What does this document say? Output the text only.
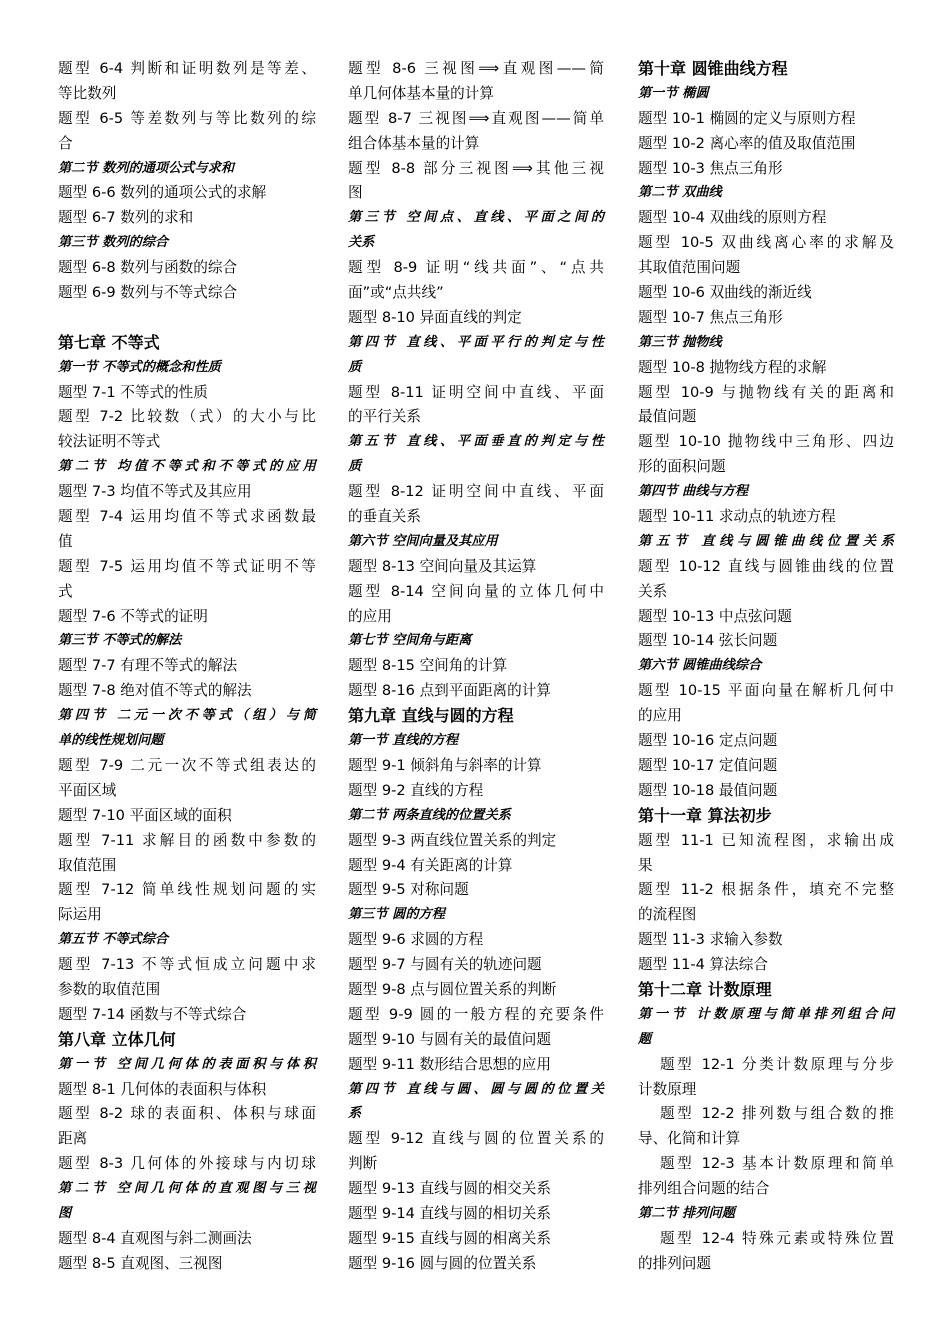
题型 6-4 判断和证明数列是等差、
等比数列
题型 6-5 等差数列与等比数列的综
合
第二节 数列的通项公式与求和
题型 6-6 数列的通项公式的求解
题型 6-7 数列的求和
第三节 数列的综合
题型 6-8 数列与函数的综合
题型 6-9 数列与不等式综合
第七章 不等式
第一节 不等式的概念和性质
题型 7-1 不等式的性质
题型 7-2 比较数（式）的大小与比
较法证明不等式
第二节 均值不等式和不等式的应用
题型 7-3 均值不等式及其应用
题型 7-4 运用均值不等式求函数最
值
题型 7-5 运用均值不等式证明不等
式
题型 7-6 不等式的证明
第三节 不等式的解法
题型 7-7 有理不等式的解法
题型 7-8 绝对值不等式的解法
第四节 二元一次不等式（组）与简
单的线性规划问题
题型 7-9 二元一次不等式组表达的
平面区域
题型 7-10 平面区域的面积
题型 7-11 求解目的函数中参数的
取值范围
题型 7-12 简单线性规划问题的实
际运用
第五节 不等式综合
题型 7-13 不等式恒成立问题中求
参数的取值范围
题型 7-14 函数与不等式综合
第八章 立体几何
第一节 空间几何体的表面积与体积
题型 8-1 几何体的表面积与体积
题型 8-2 球的表面积、体积与球面
距离
题型 8-3 几何体的外接球与内切球
第二节 空间几何体的直观图与三视
图
题型 8-4 直观图与斜二测画法
题型 8-5 直观图、三视图
题型 8-6 三视图⟹直观图——简
单几何体基本量的计算
题型 8-7 三视图⟹直观图——简单
组合体基本量的计算
题型 8-8 部分三视图⟹其他三视
图
第三节 空间点、直线、平面之间的
关系
题型 8-9 证明“线共面”、“点共
面”或“点共线”
题型 8-10 异面直线的判定
第四节 直线、平面平行的判定与性
质
题型 8-11 证明空间中直线、平面
的平行关系
第五节 直线、平面垂直的判定与性
质
题型 8-12 证明空间中直线、平面
的垂直关系
第六节 空间向量及其应用
题型 8-13 空间向量及其运算
题型 8-14 空间向量的立体几何中
的应用
第七节 空间角与距离
题型 8-15 空间角的计算
题型 8-16 点到平面距离的计算
第九章 直线与圆的方程
第一节 直线的方程
题型 9-1 倾斜角与斜率的计算
题型 9-2 直线的方程
第二节 两条直线的位置关系
题型 9-3 两直线位置关系的判定
题型 9-4 有关距离的计算
题型 9-5 对称问题
第三节 圆的方程
题型 9-6 求圆的方程
题型 9-7 与圆有关的轨迹问题
题型 9-8 点与圆位置关系的判断
题型 9-9 圆的一般方程的充要条件
题型 9-10 与圆有关的最值问题
题型 9-11 数形结合思想的应用
第四节 直线与圆、圆与圆的位置关
系
题型 9-12 直线与圆的位置关系的
判断
题型 9-13 直线与圆的相交关系
题型 9-14 直线与圆的相切关系
题型 9-15 直线与圆的相离关系
题型 9-16 圆与圆的位置关系
第十章 圆锥曲线方程
第一节 椭圆
题型 10-1 椭圆的定义与原则方程
题型 10-2 离心率的值及取值范围
题型 10-3 焦点三角形
第二节 双曲线
题型 10-4 双曲线的原则方程
题型 10-5 双曲线离心率的求解及
其取值范围问题
题型 10-6 双曲线的渐近线
题型 10-7 焦点三角形
第三节 抛物线
题型 10-8 抛物线方程的求解
题型 10-9 与抛物线有关的距离和
最值问题
题型 10-10 抛物线中三角形、四边
形的面积问题
第四节 曲线与方程
题型 10-11 求动点的轨迹方程
第五节 直线与圆锥曲线位置关系
题型 10-12 直线与圆锥曲线的位置
关系
题型 10-13 中点弦问题
题型 10-14 弦长问题
第六节 圆锥曲线综合
题型 10-15 平面向量在解析几何中
的应用
题型 10-16 定点问题
题型 10-17 定值问题
题型 10-18 最值问题
第十一章 算法初步
题型 11-1 已知流程图，求输出成
果
题型 11-2 根据条件，填充不完整
的流程图
题型 11-3 求输入参数
题型 11-4 算法综合
第十二章 计数原理
第一节 计数原理与简单排列组合问
题
题型 12-1 分类计数原理与分步
计数原理
题型 12-2 排列数与组合数的推
导、化简和计算
题型 12-3 基本计数原理和简单
排列组合问题的结合
第二节 排列问题
题型 12-4 特殊元素或特殊位置
的排列问题
